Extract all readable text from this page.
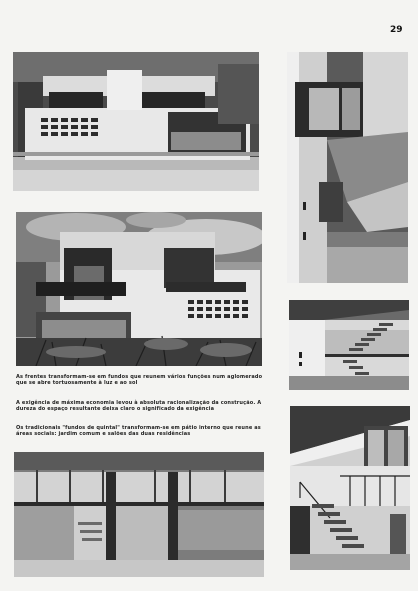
29
As frentes transformam-se em fundos que reunem vários funções num aglomerado que se abre tortuosamente à luz e ao sol
A exigência de máxima economia levou à absoluta racionalização da construção. A dureza do espaço resultante deixa claro o significado da exigência
Os tradicionais "fundos de quintal" transformam-se em pátio interno que reune as áreas sociais: jardim comum e salões das duas residências
